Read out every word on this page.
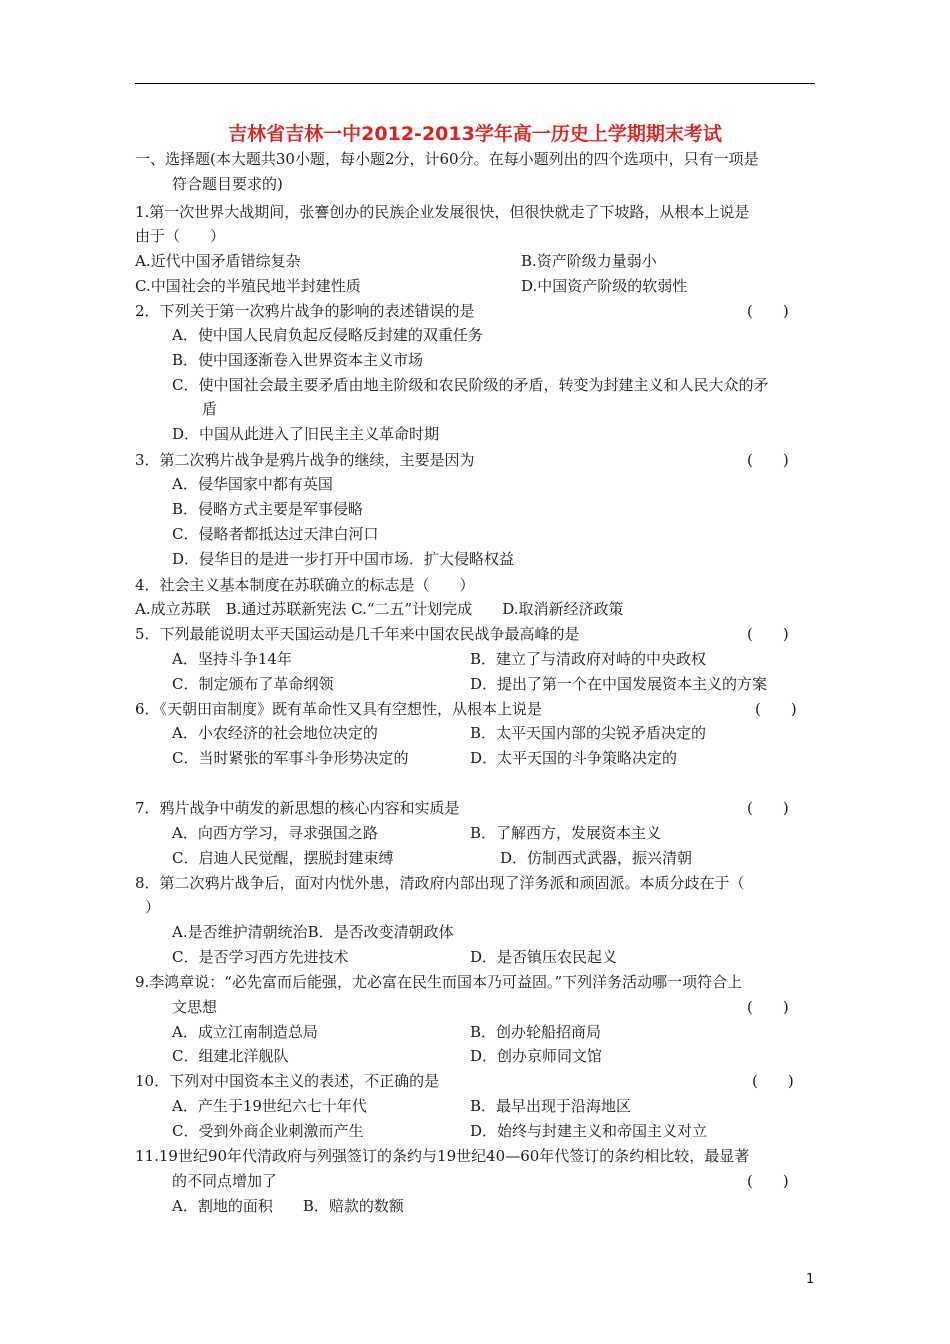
吉林省吉林一中2012-2013学年高一历史上学期期末考试
一、选择题(本大题共30小题，每小题2分，计60分。在每小题列出的四个选项中，只有一项是
符合题目要求的)
1.第一次世界大战期间，张謇创办的民族企业发展很快，但很快就走了下坡路，从根本上说是
由于（　　）
A.近代中国矛盾错综复杂	B.资产阶级力量弱小
C.中国社会的半殖民地半封建性质	D.中国资产阶级的软弱性
2．下列关于第一次鸦片战争的影响的表述错误的是	(　　)
A．使中国人民肩负起反侵略反封建的双重任务
B．使中国逐渐卷入世界资本主义市场
C．使中国社会最主要矛盾由地主阶级和农民阶级的矛盾，转变为封建主义和人民大众的矛
盾
D．中国从此进入了旧民主主义革命时期
3．第二次鸦片战争是鸦片战争的继续，主要是因为	(　　)
A．侵华国家中都有英国
B．侵略方式主要是军事侵略
C．侵略者都抵达过天津白河口
D．侵华目的是进一步打开中国市场．扩大侵略权益
4．社会主义基本制度在苏联确立的标志是（　　）
A.成立苏联　B.通过苏联新宪法 C.“二五”计划完成　　D.取消新经济政策
5．下列最能说明太平天国运动是几千年来中国农民战争最高峰的是	(　　)
A．坚持斗争14年	B．建立了与清政府对峙的中央政权
C．制定颁布了革命纲领	D．提出了第一个在中国发展资本主义的方案
6．《天朝田亩制度》既有革命性又具有空想性，从根本上说是	(　　)
A．小农经济的社会地位决定的	B．太平天国内部的尖锐矛盾决定的
C．当时紧张的军事斗争形势决定的	D．太平天国的斗争策略决定的
7．鸦片战争中萌发的新思想的核心内容和实质是	(　　)
A．向西方学习，寻求强国之路	B．了解西方，发展资本主义
C．启迪人民觉醒，摆脱封建束缚	D．仿制西式武器，振兴清朝
8．第二次鸦片战争后，面对内忧外患，清政府内部出现了洋务派和顽固派。本质分歧在于（
）
A.是否维护清朝统治B．是否改变清朝政体
C．是否学习西方先进技术	D．是否镇压农民起义
9.李鸿章说：“必先富而后能强，尤必富在民生而国本乃可益固。”下列洋务活动哪一项符合上
文思想	(　　)
A．成立江南制造总局	B．创办轮船招商局
C．组建北洋舰队	D．创办京师同文馆
10．下列对中国资本主义的表述，不正确的是	(　　)
A．产生于19世纪六七十年代	B．最早出现于沿海地区
C．受到外商企业刺激而产生	D．始终与封建主义和帝国主义对立
11.19世纪90年代清政府与列强签订的条约与19世纪40—60年代签订的条约相比较，最显著
的不同点增加了	(　　)
A．割地的面积　　B．赔款的数额
1
